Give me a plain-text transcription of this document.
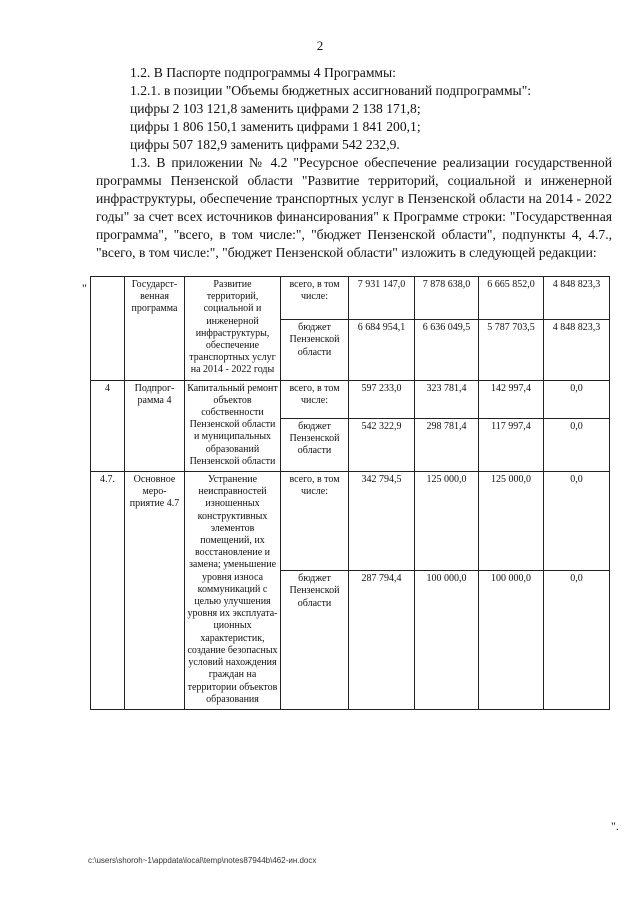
2

1.2. В Паспорте подпрограммы 4 Программы:

1.2.1. в позиции "Объемы бюджетных ассигнований подпрограммы":

цифры 2 103 121,8 заменить цифрами 2 138 171,8;

цифры 1 806 150,1 заменить цифрами 1 841 200,1;

цифры 507 182,9 заменить цифрами 542 232,9.

1.3. В приложении № 4.2 "Ресурсное обеспечение реализации государственной программы Пензенской области "Развитие территорий, социальной и инженерной инфраструктуры, обеспечение транспортных услуг в Пензенской области на 2014 - 2022 годы" за счет всех источников финансирования" к Программе строки: "Государственная программа", "всего, в том числе:", "бюджет Пензенской области", подпункты 4, 4.7., "всего, в том числе:", "бюджет Пензенской области" изложить в следующей редакции:

"
		Государст-венная программа	Развитие территорий, социальной и инженерной инфраструктуры, обеспечение транспортных услуг на 2014 - 2022 годы	всего, в том числе:	7 931 147,0	7 878 638,0	6 665 852,0	4 848 823,3
			бюджет Пензенской области	6 684 954,1	6 636 049,5	5 787 703,5	4 848 823,3
4	Подпрог-рамма 4	Капитальный ремонт объектов собственности Пензенской области и муниципальных образований Пензенской области	всего, в том числе:	597 233,0	323 781,4	142 997,4	0,0
			бюджет Пензенской области	542 322,9	298 781,4	117 997,4	0,0
4.7.	Основное меро-приятие 4.7	Устранение неисправностей изношенных конструктивных элементов помещений, их восстановление и замена; уменьшение уровня износа коммуникаций с целью улучшения уровня их эксплуата-ционных характеристик, создание безопасных условий нахождения граждан на территории объектов образования	всего, в том числе:	342 794,5	125 000,0	125 000,0	0,0
			бюджет Пензенской области	287 794,4	100 000,0	100 000,0	0,0
".
c:\users\shoroh~1\appdata\local\temp\notes87944b\462-ин.docx
